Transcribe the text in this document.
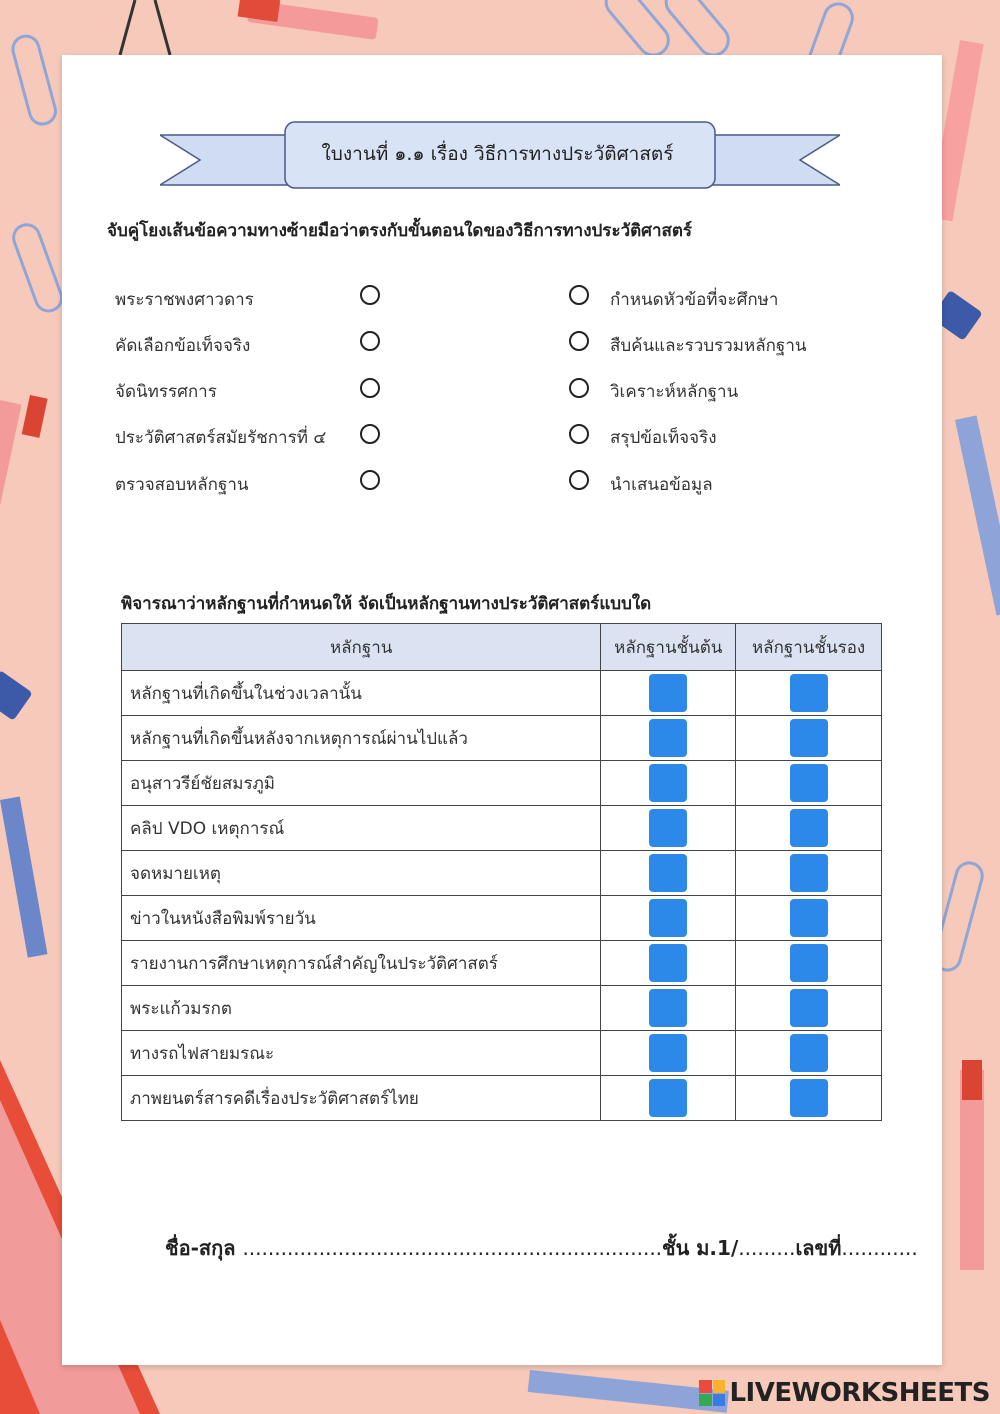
ใบงานที่ ๑.๑ เรื่อง วิธีการทางประวัติศาสตร์
จับคู่โยงเส้นข้อความทางซ้ายมือว่าตรงกับขั้นตอนใดของวิธีการทางประวัติศาสตร์
พระราชพงศาวดาร
คัดเลือกข้อเท็จจริง
จัดนิทรรศการ
ประวัติศาสตร์สมัยรัชการที่ ๔
ตรวจสอบหลักฐาน
กำหนดหัวข้อที่จะศึกษา
สืบค้นและรวบรวมหลักฐาน
วิเคราะห์หลักฐาน
สรุปข้อเท็จจริง
นำเสนอข้อมูล
พิจารณาว่าหลักฐานที่กำหนดให้ จัดเป็นหลักฐานทางประวัติศาสตร์แบบใด
หลักฐาน	หลักฐานชั้นต้น	หลักฐานชั้นรอง
หลักฐานที่เกิดขึ้นในช่วงเวลานั้น		
หลักฐานที่เกิดขึ้นหลังจากเหตุการณ์ผ่านไปแล้ว		
อนุสาวรีย์ชัยสมรภูมิ		
คลิป VDO เหตุการณ์		
จดหมายเหตุ		
ข่าวในหนังสือพิมพ์รายวัน		
รายงานการศึกษาเหตุการณ์สำคัญในประวัติศาสตร์		
พระแก้วมรกต		
ทางรถไฟสายมรณะ		
ภาพยนตร์สารคดีเรื่องประวัติศาสตร์ไทย		
ชื่อ-สกุล ..................................................................ชั้น ม.1/.........เลขที่............
LIVEWORKSHEETS
